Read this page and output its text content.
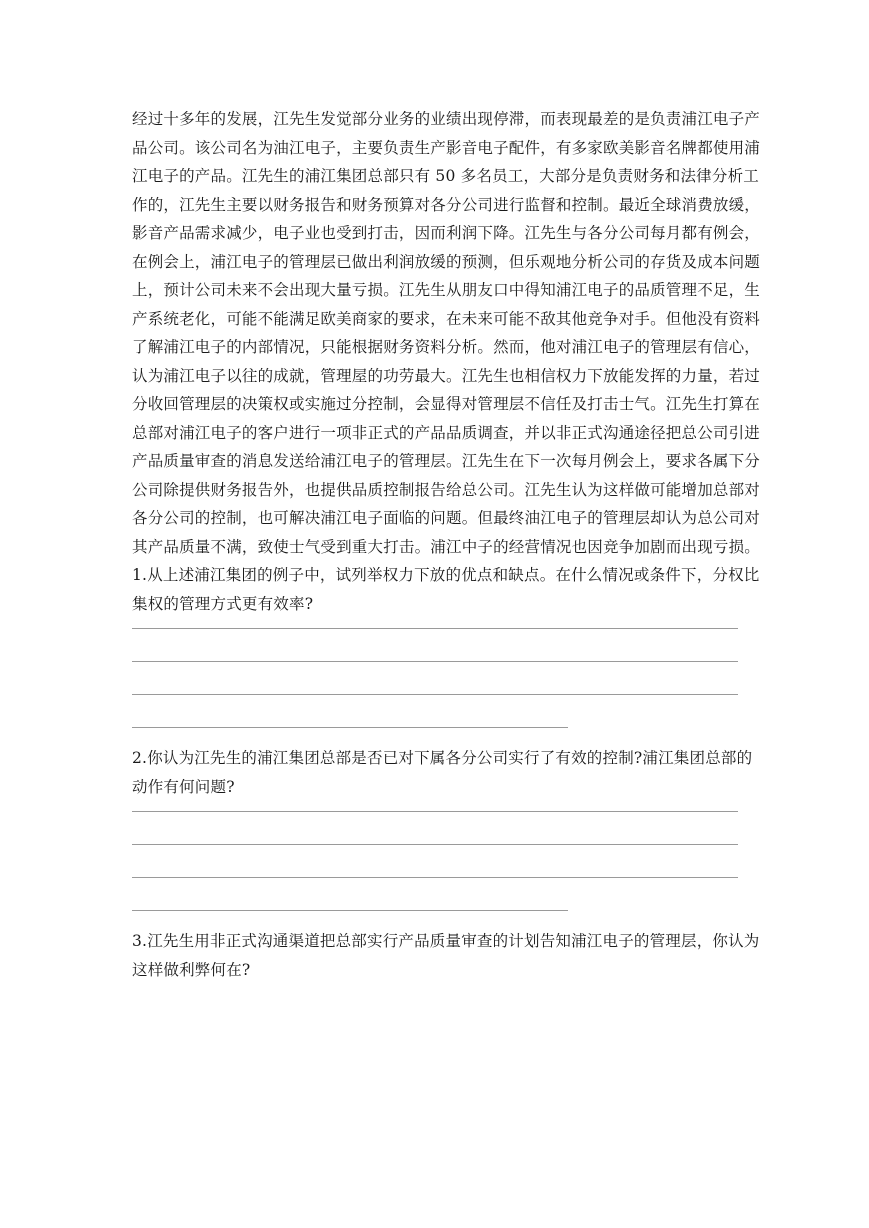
经过十多年的发展，江先生发觉部分业务的业绩出现停滞，而表现最差的是负责浦江电子产
品公司。该公司名为油江电子，主要负责生产影音电子配件，有多家欧美影音名牌都使用浦
江电子的产品。江先生的浦江集团总部只有 50 多名员工，大部分是负责财务和法律分析工
作的，江先生主要以财务报告和财务预算对各分公司进行监督和控制。最近全球消费放缓，
影音产品需求减少，电子业也受到打击，因而利润下降。江先生与各分公司每月都有例会，
在例会上，浦江电子的管理层已做出利润放缓的预测，但乐观地分析公司的存货及成本问题
上，预计公司未来不会出现大量亏损。江先生从朋友口中得知浦江电子的品质管理不足，生
产系统老化，可能不能满足欧美商家的要求，在未来可能不敌其他竞争对手。但他没有资料
了解浦江电子的内部情况，只能根据财务资料分析。然而，他对浦江电子的管理层有信心，
认为浦江电子以往的成就，管理屋的功劳最大。江先生也相信权力下放能发挥的力量，若过
分收回管理层的决策权或实施过分控制，会显得对管理层不信任及打击士气。江先生打算在
总部对浦江电子的客户进行一项非正式的产品品质调查，并以非正式沟通途径把总公司引进
产品质量审查的消息发送给浦江电子的管理层。江先生在下一次每月例会上，要求各属下分
公司除提供财务报告外，也提供品质控制报告给总公司。江先生认为这样做可能增加总部对
各分公司的控制，也可解决浦江电子面临的问题。但最终油江电子的管理层却认为总公司对
其产品质量不满，致使士气受到重大打击。浦江中子的经营情况也因竞争加剧而出现亏损。
1.从上述浦江集团的例子中，试列举权力下放的优点和缺点。在什么情况或条件下，分权比
集权的管理方式更有效率?
2.你认为江先生的浦江集团总部是否已对下属各分公司实行了有效的控制?浦江集团总部的
动作有何问题?
3.江先生用非正式沟通渠道把总部实行产品质量审查的计划告知浦江电子的管理层，你认为
这样做利弊何在?
